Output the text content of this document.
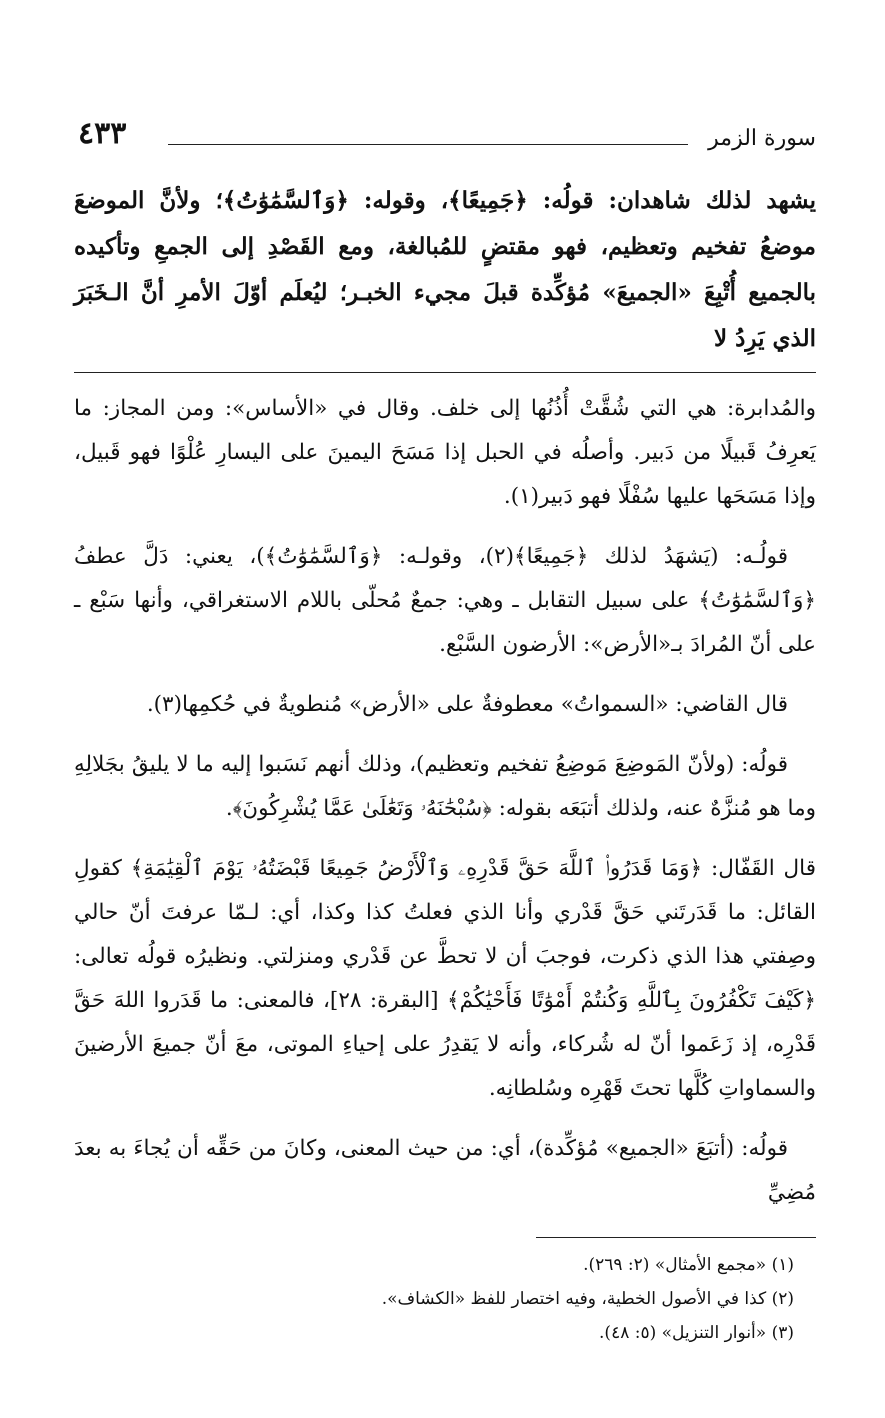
سورة الزمر
٤٣٣
يشهد لذلك شاهدان: قولُه: ﴿جَمِيعًا﴾، وقوله: ﴿وَٱلسَّمَٰوَٰتُ﴾؛ ولأنَّ الموضعَ موضعُ تفخيم وتعظيم، فهو مقتضٍ للمُبالغة، ومع القَصْدِ إلى الجمعِ وتأكيده بالجميع أُتْبِعَ «الجميعَ» مُؤكِّدة قبلَ مجيء الخبـر؛ ليُعلَم أوّلَ الأمرِ أنَّ الـخَبَرَ الذي يَرِدُ لا

والمُدابرة: هي التي شُقَّتْ أُذُنُها إلى خلف. وقال في «الأساس»: ومن المجاز: ما يَعرِفُ قَبيلًا من دَبير. وأصلُه في الحبل إذا مَسَحَ اليمينَ على اليسارِ عُلْوًا فهو قَبيل، وإذا مَسَحَها عليها سُفْلًا فهو دَبير(١).

قولُـه: (يَشهَدُ لذلك ﴿جَمِيعًا﴾(٢)، وقولـه: ﴿وَٱلسَّمَٰوَٰتُ﴾)، يعني: دَلَّ عطفُ ﴿وَٱلسَّمَٰوَٰتُ﴾ على سبيل التقابل ـ وهي: جمعٌ مُحلّى باللام الاستغراقي، وأنها سَبْع ـ على أنّ المُرادَ بـ«الأرض»: الأرضون السَّبْع.

قال القاضي: «السمواتُ» معطوفةٌ على «الأرض» مُنطويةٌ في حُكمِها(٣).

قولُه: (ولأنّ المَوضِعَ مَوضِعُ تفخيم وتعظيم)، وذلك أنهم نَسَبوا إليه ما لا يليقُ بجَلالِهِ وما هو مُنزَّهٌ عنه، ولذلك أتبَعَه بقوله: ﴿سُبْحَٰنَهُۥ وَتَعَٰلَىٰ عَمَّا يُشْرِكُونَ﴾.

قال القَفّال: ﴿وَمَا قَدَرُوا۟ ٱللَّهَ حَقَّ قَدْرِهِۦ وَٱلْأَرْضُ جَمِيعًا قَبْضَتُهُۥ يَوْمَ ٱلْقِيَٰمَةِ﴾ كقولِ القائل: ما قَدَرتَني حَقَّ قَدْري وأنا الذي فعلتُ كذا وكذا، أي: لـمّا عرفتَ أنّ حالي وصِفتي هذا الذي ذكرت، فوجبَ أن لا تحطَّ عن قَدْري ومنزلتي. ونظيرُه قولُه تعالى: ﴿كَيْفَ تَكْفُرُونَ بِٱللَّهِ وَكُنتُمْ أَمْوَٰتًا فَأَحْيَٰكُمْ﴾ [البقرة: ٢٨]، فالمعنى: ما قَدَروا اللهَ حَقَّ قَدْرِه، إذ زَعَموا أنّ له شُركاء، وأنه لا يَقدِرُ على إحياءِ الموتى، معَ أنّ جميعَ الأرضينَ والسماواتِ كُلَّها تحتَ قَهْرِه وسُلطانِه.

قولُه: (أتبَعَ «الجميع» مُؤكِّدة)، أي: من حيث المعنى، وكانَ من حَقِّه أن يُجاءَ به بعدَ مُضِيِّ

(١) «مجمع الأمثال» (٢: ٢٦٩).
(٢) كذا في الأصول الخطية، وفيه اختصار للفظ «الكشاف».
(٣) «أنوار التنزيل» (٥: ٤٨).
